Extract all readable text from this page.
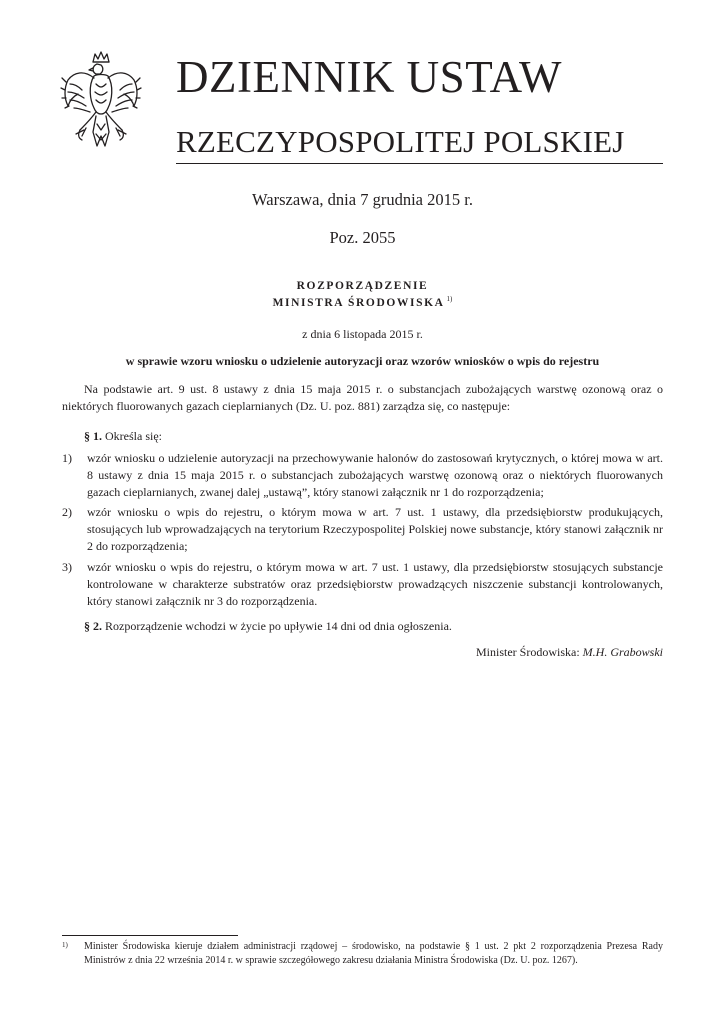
DZIENNIK USTAW
RZECZYPOSPOLITEJ POLSKIEJ
Warszawa, dnia 7 grudnia 2015 r.
Poz. 2055
ROZPORZĄDZENIE
MINISTRA ŚRODOWISKA $^{1)}$
z dnia 6 listopada 2015 r.
w sprawie wzoru wniosku o udzielenie autoryzacji oraz wzorów wniosków o wpis do rejestru
Na podstawie art. 9 ust. 8 ustawy z dnia 15 maja 2015 r. o substancjach zubożających warstwę ozonową oraz o niektórych fluorowanych gazach cieplarnianych (Dz. U. poz. 881) zarządza się, co następuje:
§ 1. Określa się:
1) wzór wniosku o udzielenie autoryzacji na przechowywanie halonów do zastosowań krytycznych, o której mowa w art. 8 ustawy z dnia 15 maja 2015 r. o substancjach zubożających warstwę ozonową oraz o niektórych fluorowanych gazach cieplarnianych, zwanej dalej „ustawą”, który stanowi załącznik nr 1 do rozporządzenia;
2) wzór wniosku o wpis do rejestru, o którym mowa w art. 7 ust. 1 ustawy, dla przedsiębiorstw produkujących, stosujących lub wprowadzających na terytorium Rzeczypospolitej Polskiej nowe substancje, który stanowi załącznik nr 2 do rozporządzenia;
3) wzór wniosku o wpis do rejestru, o którym mowa w art. 7 ust. 1 ustawy, dla przedsiębiorstw stosujących substancje kontrolowane w charakterze substratów oraz przedsiębiorstw prowadzących niszczenie substancji kontrolowanych, który stanowi załącznik nr 3 do rozporządzenia.
§ 2. Rozporządzenie wchodzi w życie po upływie 14 dni od dnia ogłoszenia.
Minister Środowiska: M.H. Grabowski
1) Minister Środowiska kieruje działem administracji rządowej – środowisko, na podstawie § 1 ust. 2 pkt 2 rozporządzenia Prezesa Rady Ministrów z dnia 22 września 2014 r. w sprawie szczegółowego zakresu działania Ministra Środowiska (Dz. U. poz. 1267).
